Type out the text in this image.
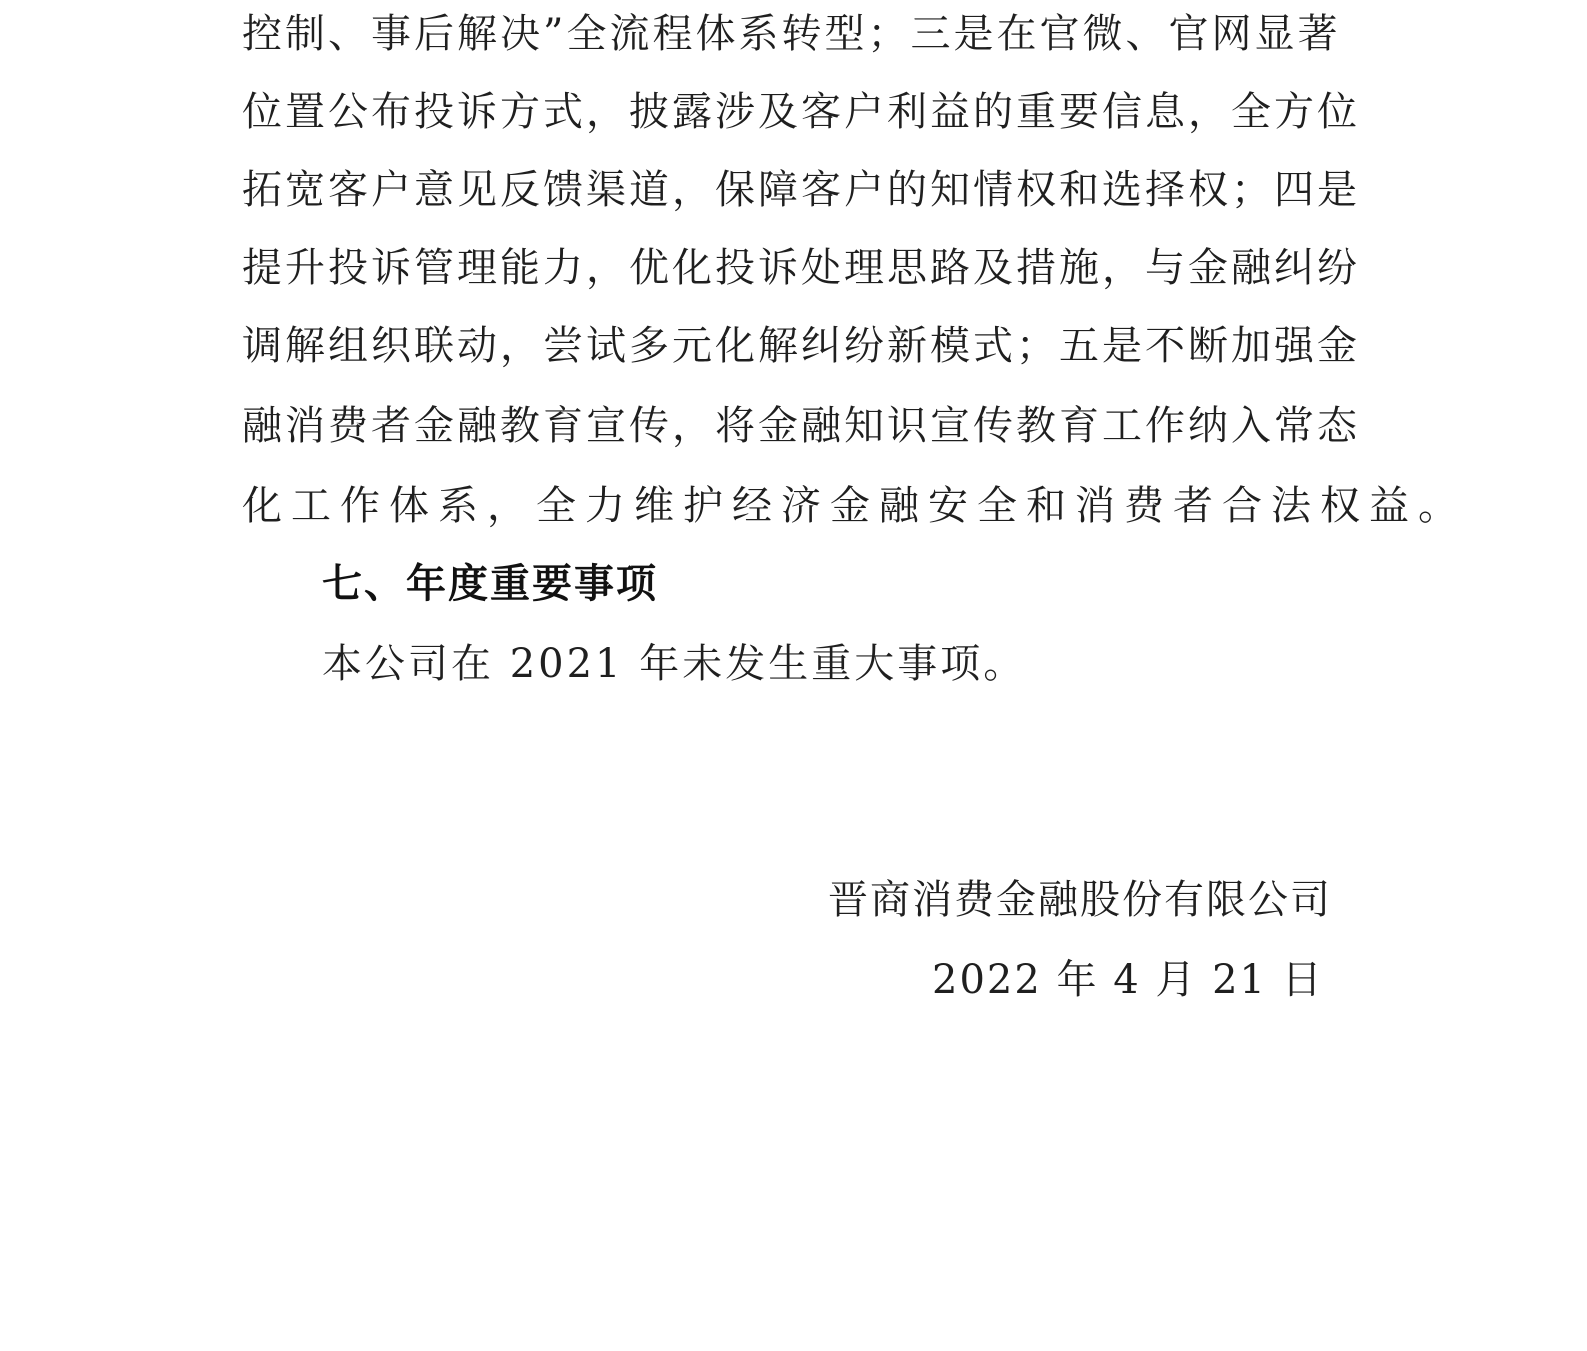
控制、事后解决”全流程体系转型；三是在官微、官网显著
位置公布投诉方式，披露涉及客户利益的重要信息，全方位
拓宽客户意见反馈渠道，保障客户的知情权和选择权；四是
提升投诉管理能力，优化投诉处理思路及措施，与金融纠纷
调解组织联动，尝试多元化解纠纷新模式；五是不断加强金
融消费者金融教育宣传，将金融知识宣传教育工作纳入常态
化工作体系，全力维护经济金融安全和消费者合法权益。
七、年度重要事项
本公司在 2021 年未发生重大事项。
晋商消费金融股份有限公司
2022 年 4 月 21 日
